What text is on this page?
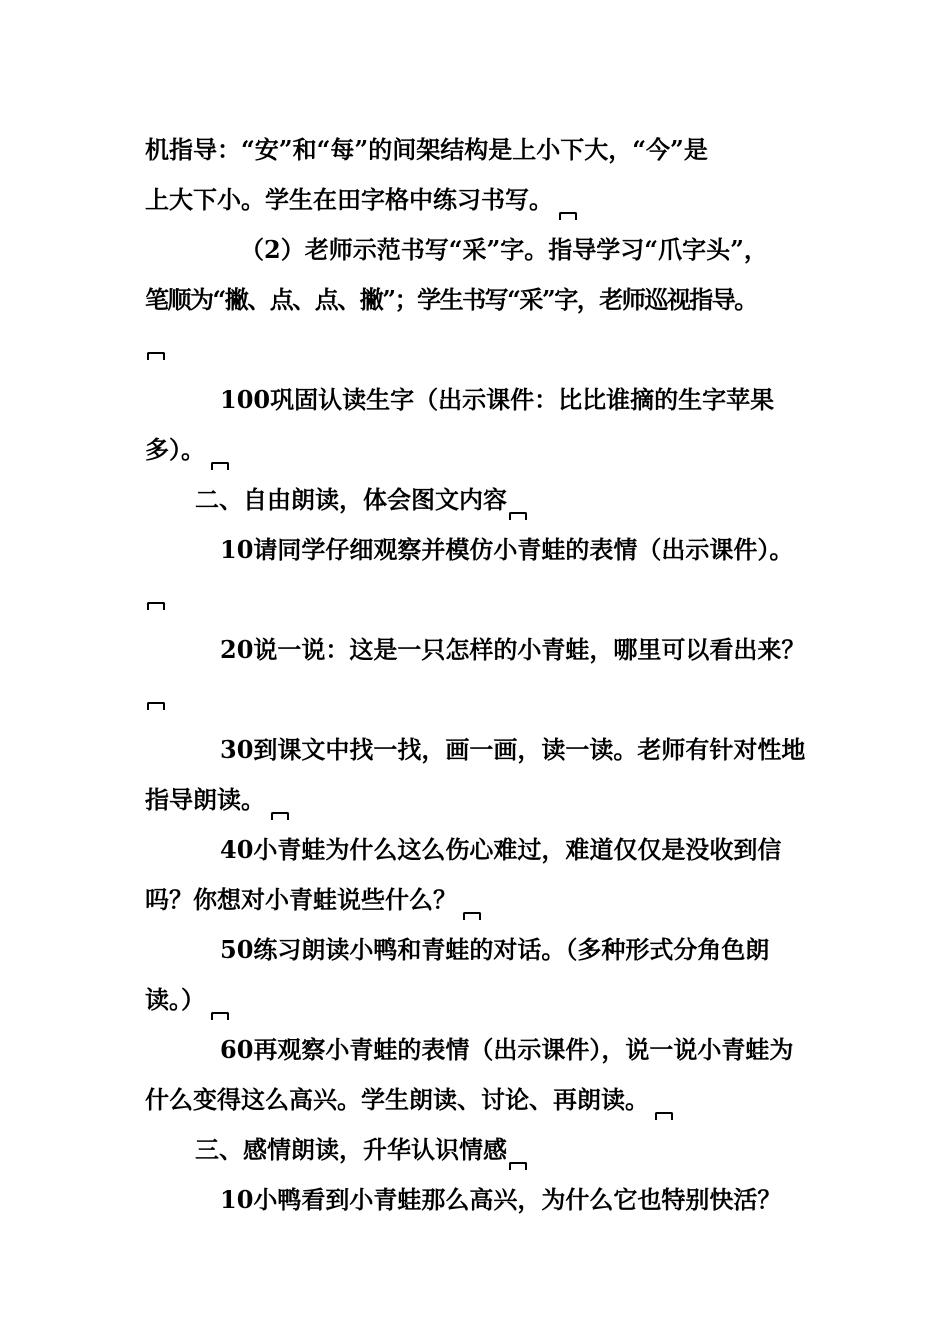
机指导：“安”和“每”的间架结构是上小下大，“今”是
上大下小。学生在田字格中练习书写。
（2）老师示范书写“采”字。指导学习“爪字头”，
笔顺为“撇、点、点、撇”；学生书写“采”字，老师巡视指导。
100巩固认读生字（出示课件：比比谁摘的生字苹果
多）。
二、自由朗读，体会图文内容
10请同学仔细观察并模仿小青蛙的表情（出示课件）。
20说一说：这是一只怎样的小青蛙，哪里可以看出来？
30到课文中找一找，画一画，读一读。老师有针对性地
指导朗读。
40小青蛙为什么这么伤心难过，难道仅仅是没收到信
吗？你想对小青蛙说些什么？
50练习朗读小鸭和青蛙的对话。（多种形式分角色朗
读。）
60再观察小青蛙的表情（出示课件），说一说小青蛙为
什么变得这么高兴。学生朗读、讨论、再朗读。
三、感情朗读，升华认识情感
10小鸭看到小青蛙那么高兴，为什么它也特别快活？
